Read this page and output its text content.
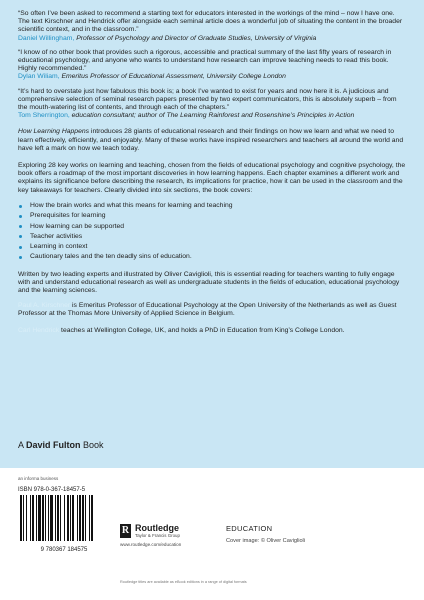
“So often I’ve been asked to recommend a starting text for educators interested in the workings of the mind – now I have one. The text Kirschner and Hendrick offer alongside each seminal article does a wonderful job of situating the content in the broader scientific context, and in the classroom.”
Daniel Willingham, Professor of Psychology and Director of Graduate Studies, University of Virginia

“I know of no other book that provides such a rigorous, accessible and practical summary of the last fifty years of research in educational psychology, and anyone who wants to understand how research can improve teaching needs to read this book. Highly recommended.”
Dylan Wiliam, Emeritus Professor of Educational Assessment, University College London

“It’s hard to overstate just how fabulous this book is; a book I’ve wanted to exist for years and now here it is. A judicious and comprehensive selection of seminal research papers presented by two expert communicators, this is absolutely superb – from the mouth-watering list of contents, and through each of the chapters.”
Tom Sherrington, education consultant; author of The Learning Rainforest and Rosenshine’s Principles in Action

How Learning Happens introduces 28 giants of educational research and their findings on how we learn and what we need to learn effectively, efficiently, and enjoyably. Many of these works have inspired researchers and teachers all around the world and have left a mark on how we teach today.

Exploring 28 key works on learning and teaching, chosen from the fields of educational psychology and cognitive psychology, the book offers a roadmap of the most important discoveries in how learning happens. Each chapter examines a different work and explains its significance before describing the research, its implications for practice, how it can be used in the classroom and the key takeaways for teachers. Clearly divided into six sections, the book covers:

How the brain works and what this means for learning and teaching
Prerequisites for learning
How learning can be supported
Teacher activities
Learning in context
Cautionary tales and the ten deadly sins of education.

Written by two leading experts and illustrated by Oliver Caviglioli, this is essential reading for teachers wanting to fully engage with and understand educational research as well as undergraduate students in the fields of education, educational psychology and the learning sciences.

Paul A. Kirschner is Emeritus Professor of Educational Psychology at the Open University of the Netherlands as well as Guest Professor at the Thomas More University of Applied Science in Belgium.

Carl Hendrick teaches at Wellington College, UK, and holds a PhD in Education from King’s College London.

A David Fulton Book
an informa business
ISBN 978-0-367-18457-5
9 780367 184575
R Routledge
Taylor & Francis Group
www.routledge.com/education
EDUCATION
Cover image: © Oliver Caviglioli
Routledge titles are available as eBook editions in a range of digital formats
